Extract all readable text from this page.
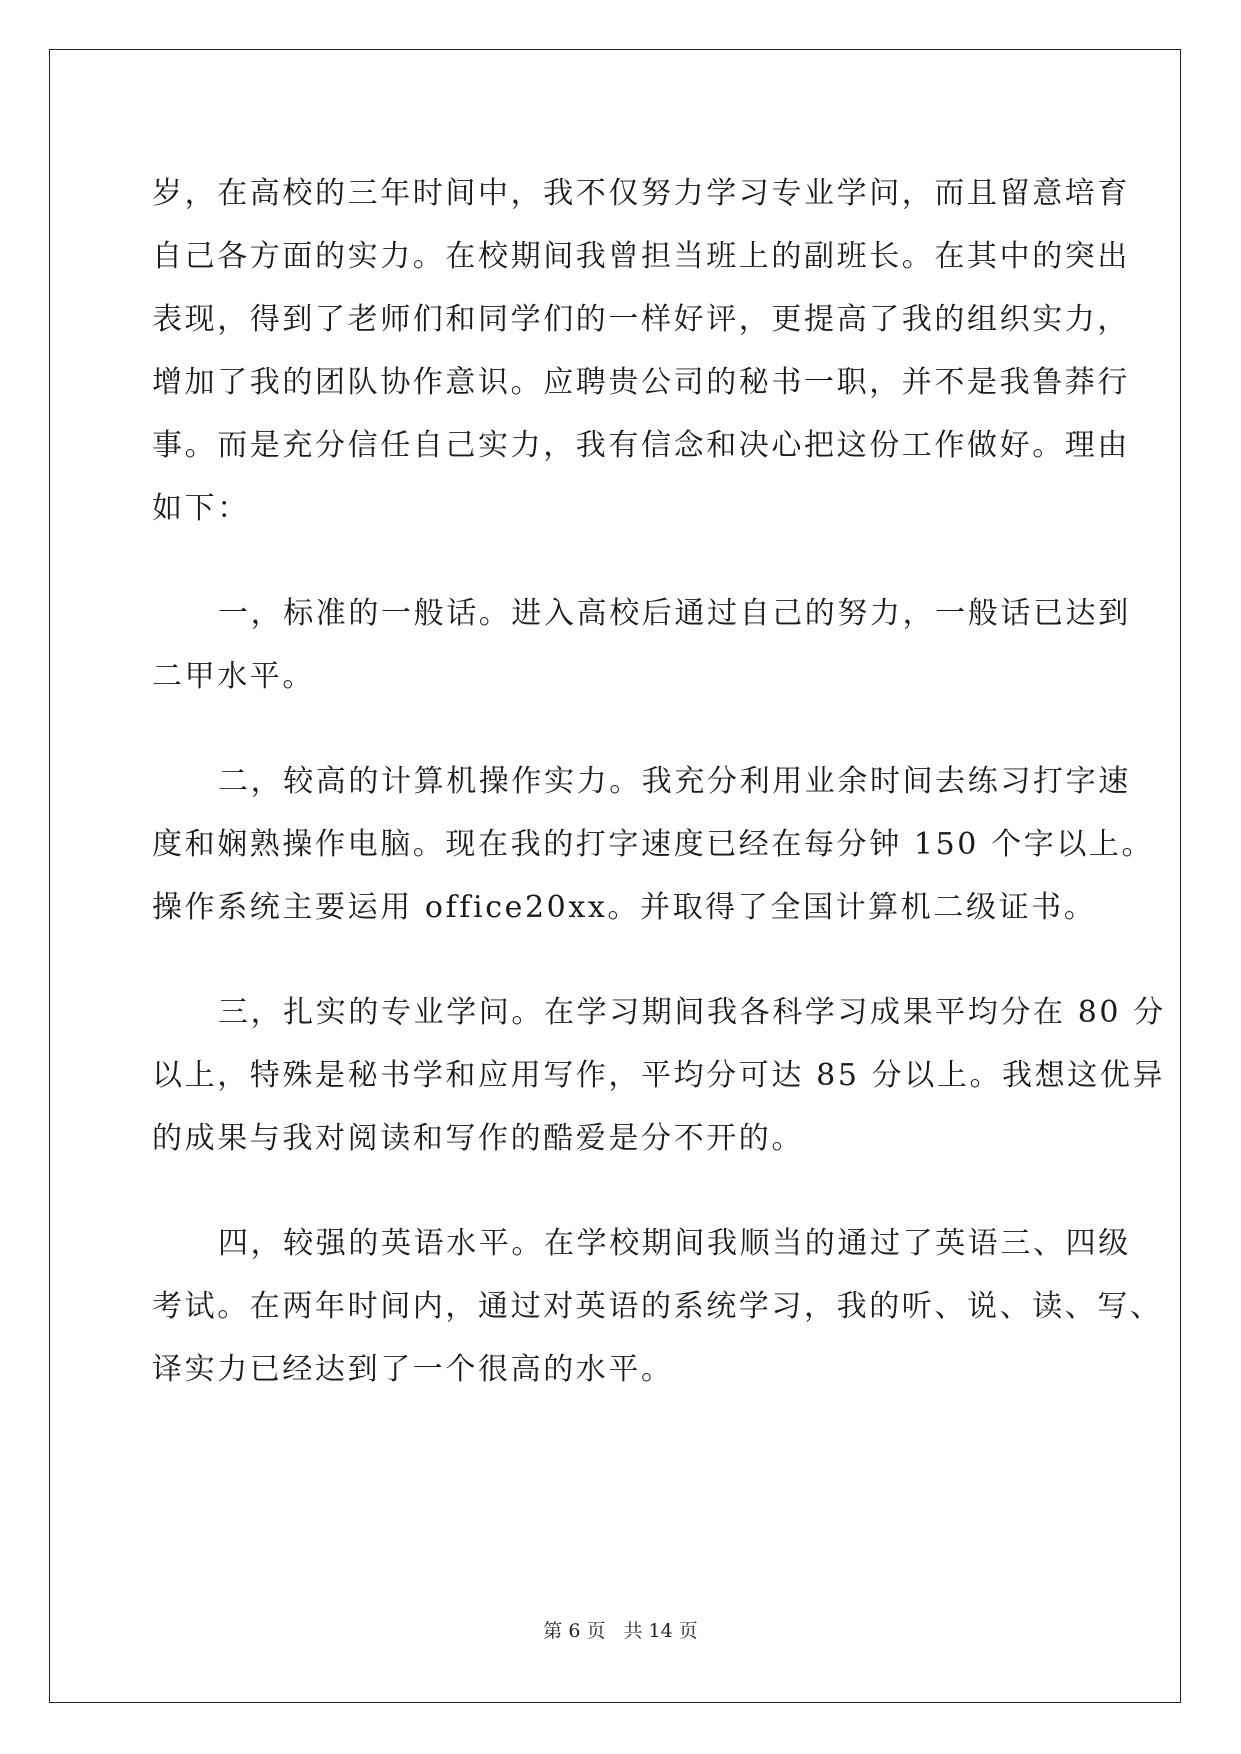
岁，在高校的三年时间中，我不仅努力学习专业学问，而且留意培育
自己各方面的实力。在校期间我曾担当班上的副班长。在其中的突出
表现，得到了老师们和同学们的一样好评，更提高了我的组织实力，
增加了我的团队协作意识。应聘贵公司的秘书一职，并不是我鲁莽行
事。而是充分信任自己实力，我有信念和决心把这份工作做好。理由
如下：
一，标准的一般话。进入高校后通过自己的努力，一般话已达到
二甲水平。
二，较高的计算机操作实力。我充分利用业余时间去练习打字速
度和娴熟操作电脑。现在我的打字速度已经在每分钟 150 个字以上。
操作系统主要运用 office20xx。并取得了全国计算机二级证书。
三，扎实的专业学问。在学习期间我各科学习成果平均分在 80 分
以上，特殊是秘书学和应用写作，平均分可达 85 分以上。我想这优异
的成果与我对阅读和写作的酷爱是分不开的。
四，较强的英语水平。在学校期间我顺当的通过了英语三、四级
考试。在两年时间内，通过对英语的系统学习，我的听、说、读、写、
译实力已经达到了一个很高的水平。
第 6 页 共 14 页
